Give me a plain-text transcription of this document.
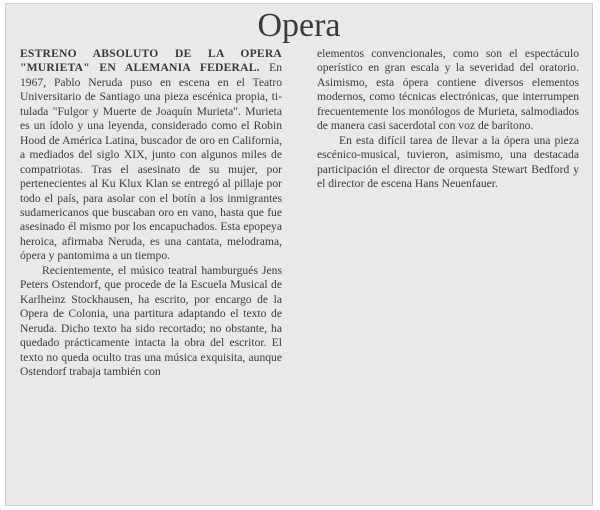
Opera

ESTRENO ABSOLUTO DE LA OPERA "MURIETA" EN ALEMANIA FEDERAL. En 1967, Pablo Neruda puso en escena en el Teatro Universitario de Santiago una pieza escénica propia, titulada "Fulgor y Muerte de Joaquín Murieta". Murieta es un ídolo y una leyenda, considerado como el Robin Hood de América Latina, buscador de oro en California, a mediados del siglo XIX, junto con algunos miles de compatriotas. Tras el asesinato de su mujer, por pertenecientes al Ku Klux Klan se entregó al pillaje por todo el país, para asolar con el botín a los inmigrantes sudamericanos que buscaban oro en vano, hasta que fue asesinado él mismo por los encapuchados. Esta epopeya heroica, afirmaba Neruda, es una cantata, melodrama, ópera y pantomima a un tiempo.

Recientemente, el músico teatral hamburgués Jens Peters Ostendorf, que procede de la Escuela Musical de Karlheinz Stockhausen, ha escrito, por encargo de la Opera de Colonia, una partitura adaptando el texto de Neruda. Dicho texto ha sido recortado; no obstante, ha quedado prácticamente intacta la obra del escritor. El texto no queda oculto tras una música exquisita, aunque Ostendorf trabaja también con

elementos convencionales, como son el espectáculo operístico en gran escala y la severidad del oratorio. Asimismo, esta ópera contiene diversos elementos modernos, como técnicas electrónicas, que interrumpen frecuentemente los monólogos de Murieta, salmodiados de manera casi sacerdotal con voz de barítono.

En esta difícil tarea de llevar a la ópera una pieza escénico-musical, tuvieron, asimismo, una destacada participación el director de orquesta Stewart Bedford y el director de escena Hans Neuenfauer.
